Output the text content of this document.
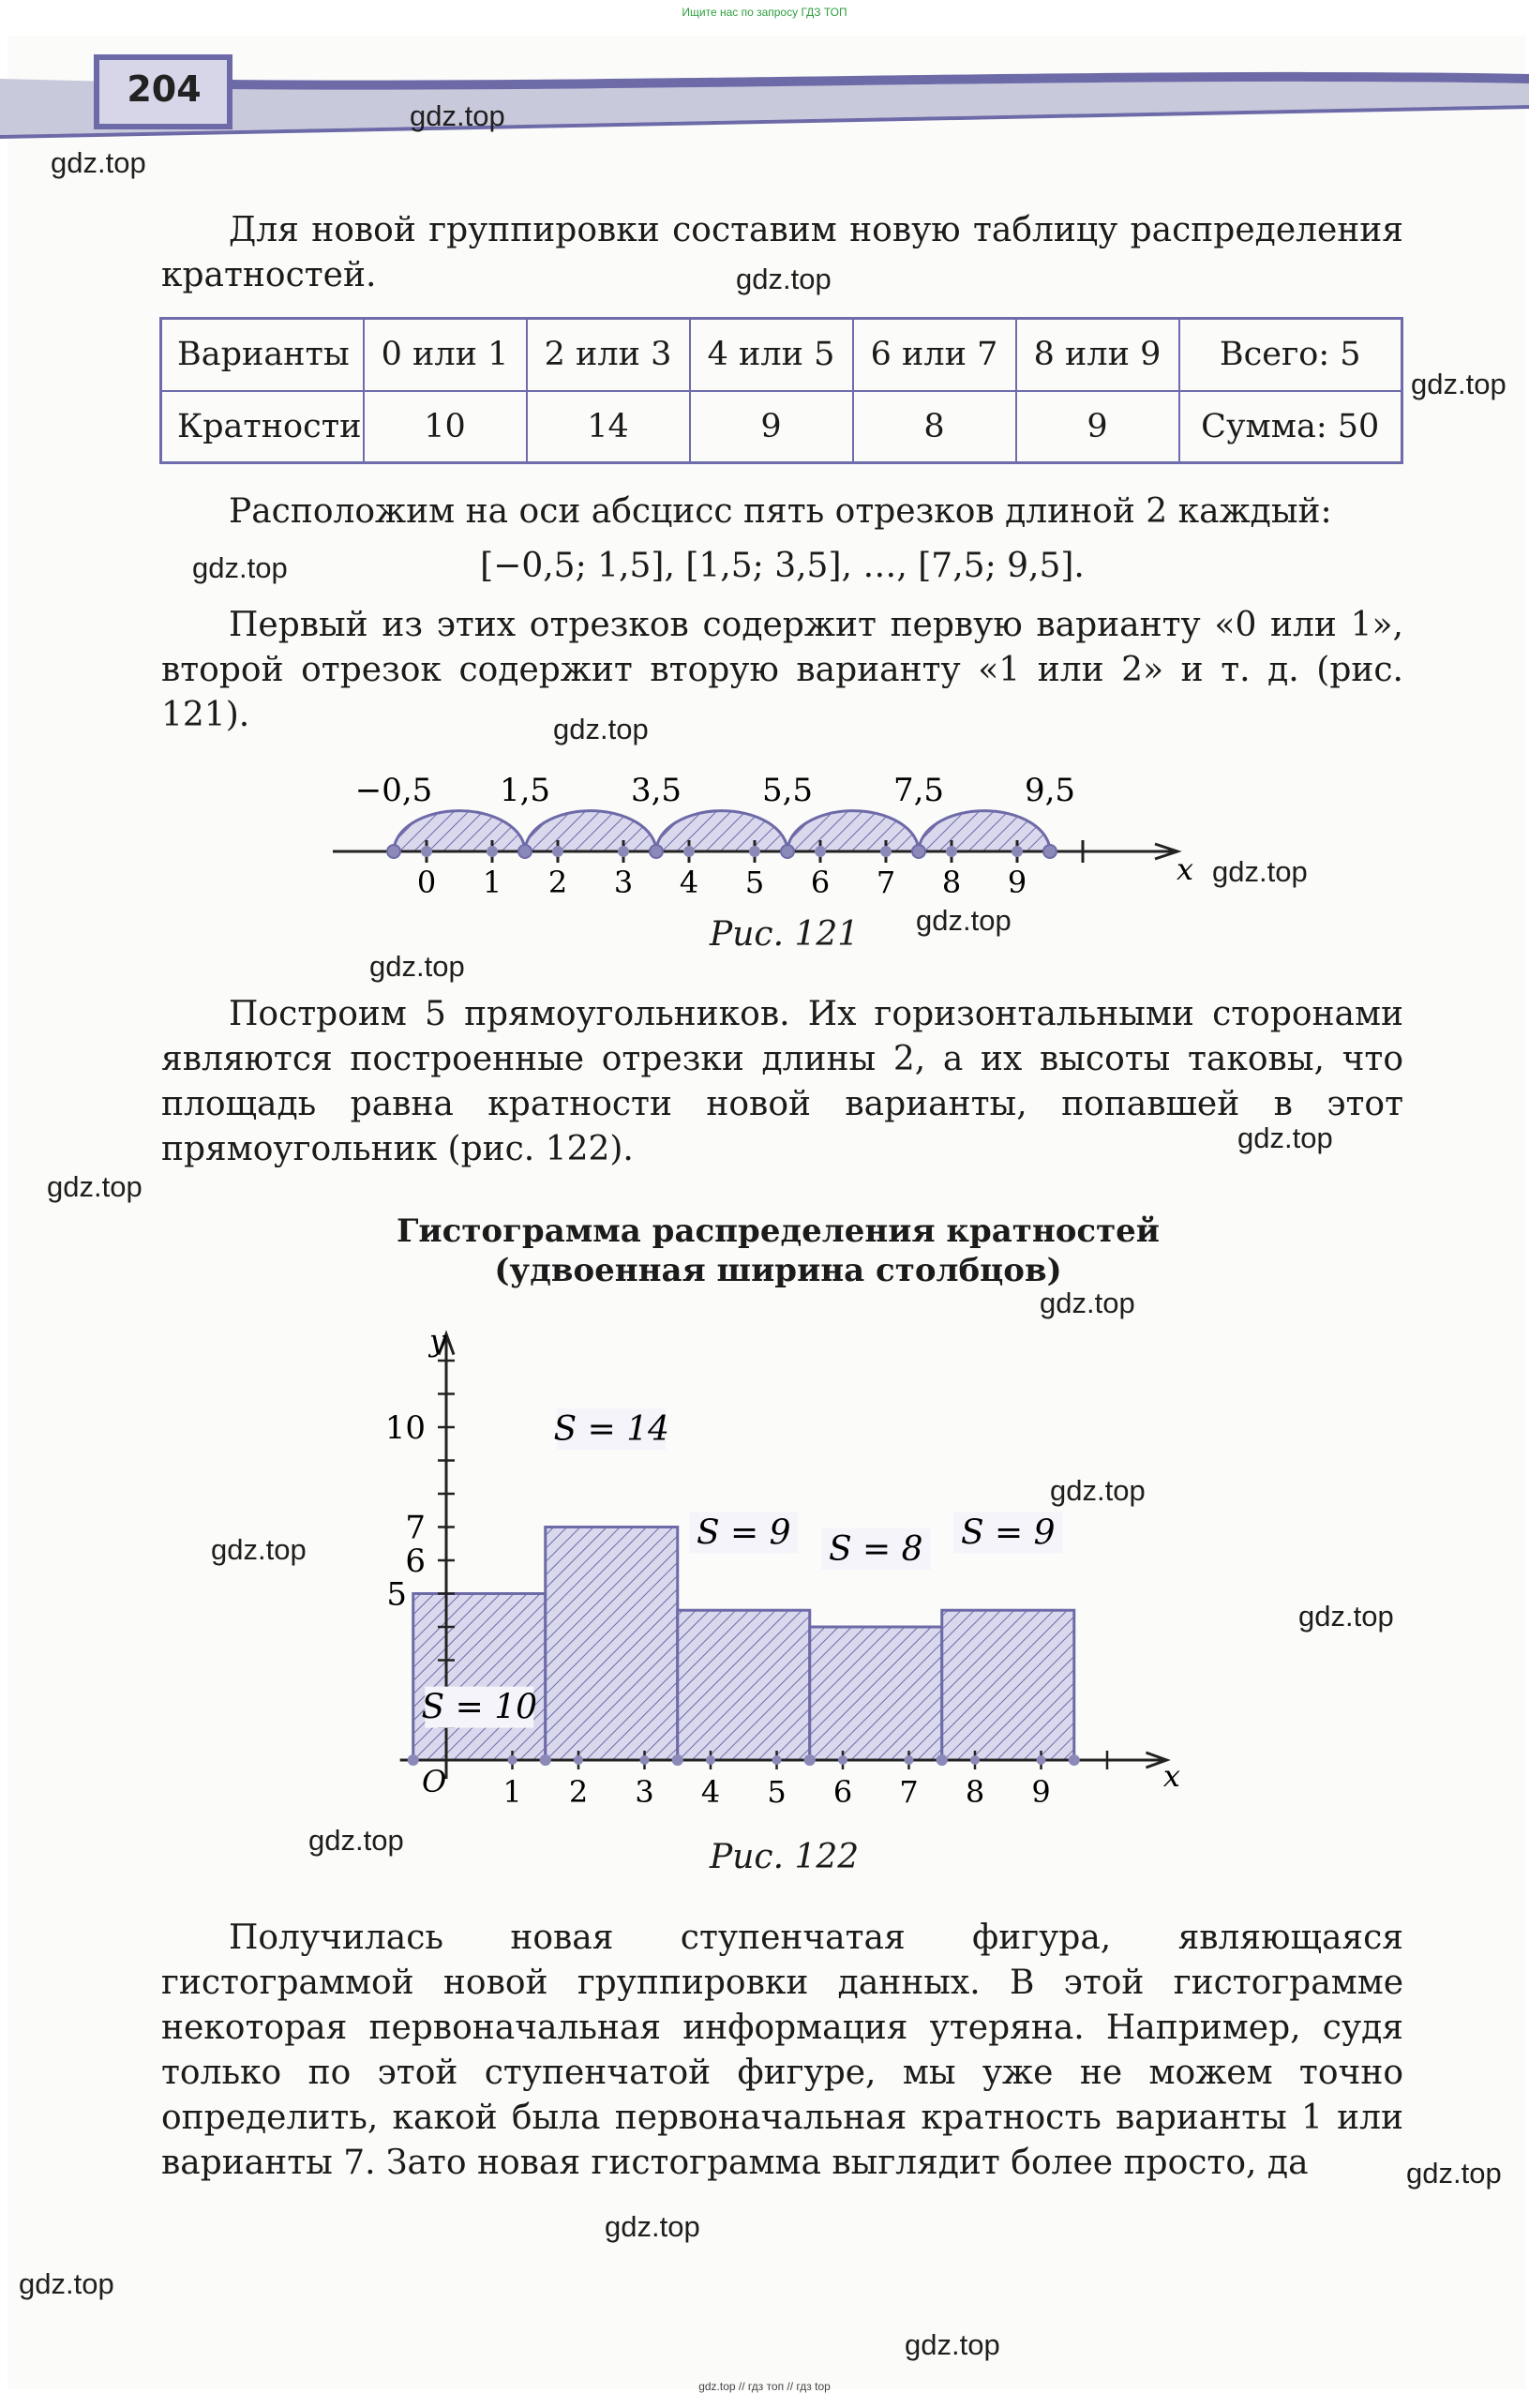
Ищите нас по запросу ГДЗ ТОП
204

Для новой группировки составим новую таблицу распределения кратностей.

Варианты	0 или 1	2 или 3	4 или 5	6 или 7	8 или 9	Всего: 5
Кратности	10	14	9	8	9	Сумма: 50

Расположим на оси абсцисс пять отрезков длиной 2 каждый:

[−0,5; 1,5], [1,5; 3,5], …, [7,5; 9,5].

Первый из этих отрезков содержит первую варианту «0 или 1», второй отрезок содержит вторую варианту «1 или 2» и т. д. (рис. 121).

0 1 2 3 4 5 6 7 8 9	x
−0,5 1,5	3,5	5,5	7,5	9,5
Рис. 121

Построим 5 прямоугольников. Их горизонтальными сторонами являются построенные отрезки длины 2, а их высоты таковы, что площадь равна кратности новой варианты, попавшей в этот прямоугольник (рис. 122).

Гистограмма распределения кратностей
(удвоенная ширина столбцов)
x
y
5
6
7
10
1 2 3 4 5 6 7 8 9
O
S = 10
S = 14
S = 9 S = 8 S = 9
Рис. 122

Получилась новая ступенчатая фигура, являющаяся гистограммой новой группировки данных. В этой гистограмме некоторая первоначальная информация утеряна. Например, судя только по этой ступенчатой фигуре, мы уже не можем точно определить, какой была первоначальная кратность варианты 1 или варианты 7. Зато новая гистограмма выглядит более просто, да

gdz.top
gdz.top
gdz.top
gdz.top
gdz.top
gdz.top
gdz.top
gdz.top
gdz.top
gdz.top
gdz.top
gdz.top
gdz.top
gdz.top
gdz.top
gdz.top
gdz.top
gdz.top
gdz.top
gdz.top
gdz.top // гдз топ // гдз top
